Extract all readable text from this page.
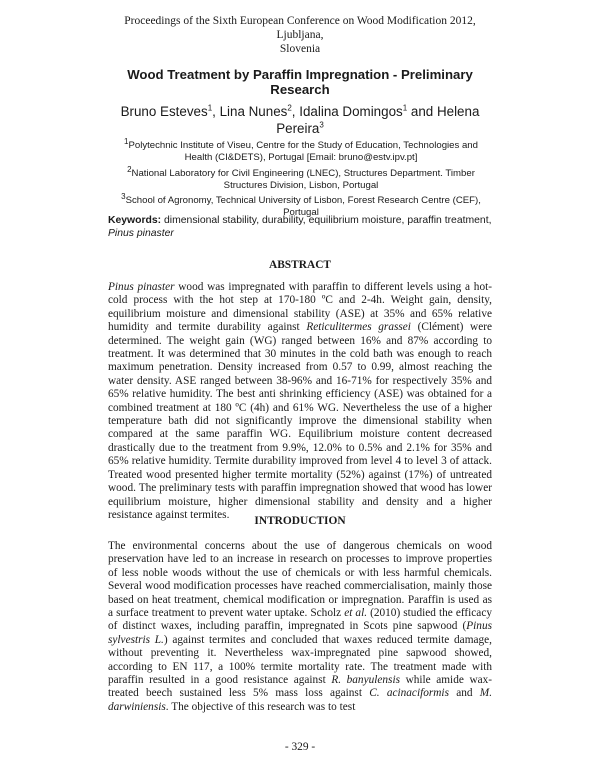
Proceedings of the Sixth European Conference on Wood Modification 2012, Ljubljana,
Slovenia
Wood Treatment by Paraffin Impregnation - Preliminary
Research
Bruno Esteves$^1$, Lina Nunes$^2$, Idalina Domingos$^1$ and Helena
Pereira$^3$
$^1$Polytechnic Institute of Viseu, Centre for the Study of Education, Technologies and Health (CI&DETS), Portugal [Email: bruno@estv.ipv.pt]
$^2$National Laboratory for Civil Engineering (LNEC), Structures Department. Timber Structures Division, Lisbon, Portugal
$^3$School of Agronomy, Technical University of Lisbon, Forest Research Centre (CEF), Portugal
Keywords: dimensional stability, durability, equilibrium moisture, paraffin treatment, Pinus pinaster
ABSTRACT

Pinus pinaster wood was impregnated with paraffin to different levels using a hot-cold process with the hot step at 170-180 ºC and 2-4h. Weight gain, density, equilibrium moisture and dimensional stability (ASE) at 35% and 65% relative humidity and termite durability against Reticulitermes grassei (Clément) were determined. The weight gain (WG) ranged between 16% and 87% according to treatment. It was determined that 30 minutes in the cold bath was enough to reach maximum penetration. Density increased from 0.57 to 0.99, almost reaching the water density. ASE ranged between 38-96% and 16-71% for respectively 35% and 65% relative humidity. The best anti shrinking efficiency (ASE) was obtained for a combined treatment at 180 ºC (4h) and 61% WG. Nevertheless the use of a higher temperature bath did not significantly improve the dimensional stability when compared at the same paraffin WG. Equilibrium moisture content decreased drastically due to the treatment from 9.9%, 12.0% to 0.5% and 2.1% for 35% and 65% relative humidity. Termite durability improved from level 4 to level 3 of attack. Treated wood presented higher termite mortality (52%) against (17%) of untreated wood. The preliminary tests with paraffin impregnation showed that wood has lower equilibrium moisture, higher dimensional stability and density and a higher resistance against termites.

INTRODUCTION

The environmental concerns about the use of dangerous chemicals on wood preservation have led to an increase in research on processes to improve properties of less noble woods without the use of chemicals or with less harmful chemicals. Several wood modification processes have reached commercialisation, mainly those based on heat treatment, chemical modification or impregnation. Paraffin is used as a surface treatment to prevent water uptake. Scholz et al. (2010) studied the efficacy of distinct waxes, including paraffin, impregnated in Scots pine sapwood (Pinus sylvestris L.) against termites and concluded that waxes reduced termite damage, without preventing it. Nevertheless wax-impregnated pine sapwood showed, according to EN 117, a 100% termite mortality rate. The treatment made with paraffin resulted in a good resistance against R. banyulensis while amide wax-treated beech sustained less 5% mass loss against C. acinaciformis and M. darwiniensis. The objective of this research was to test

- 329 -
